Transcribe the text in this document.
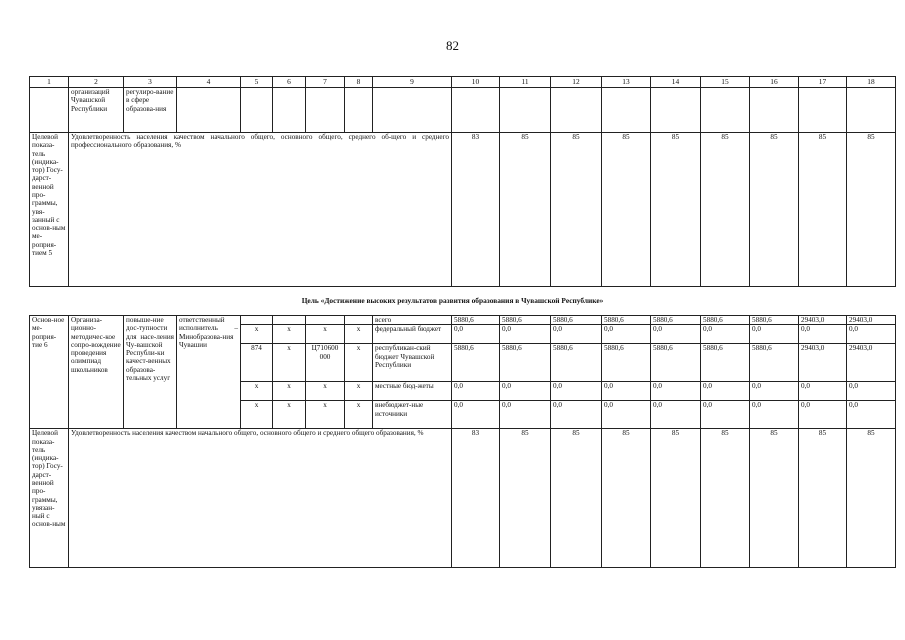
82
1	2	3	4	5	6	7	8	9	10	11	12	13	14	15	16	17	18
	организаций Чувашской Республики	регулиро-вание в сфере образова-ния															
Целевой показа-тель (индика-тор) Госу-дарст-венной про-граммы, увя-занный с основ-ным ме-роприя-тием 5	Удовлетворенность населения качеством начального общего, основного общего, среднего об-щего и среднего профессионального образования, %								83	85	85	85	85	85	85	85	85
Цель «Достижение высоких результатов развития образования в Чувашской Республике»
Основ-ное ме-роприя-тие 6	Организа-ционно-методичес-кое сопро-вождение проведения олимпиад школьников	повыше-ние дос-тупности для насе-ления Чу-вашской Республи-ки качест-венных образова-тельных услуг	ответственный исполнитель – Минобразова-ния Чувашии					всего	5880,6	5880,6	5880,6	5880,6	5880,6	5880,6	5880,6	29403,0	29403,0
				x	x	x	x	федеральный бюджет	0,0	0,0	0,0	0,0	0,0	0,0	0,0	0,0	0,0
				874	x	Ц710600 000	x	республикан-ский бюджет Чувашской Республики	5880,6	5880,6	5880,6	5880,6	5880,6	5880,6	5880,6	29403,0	29403,0
				x	x	x	x	местные бюд-жеты	0,0	0,0	0,0	0,0	0,0	0,0	0,0	0,0	0,0
				x	x	x	x	внебюджет-ные источники	0,0	0,0	0,0	0,0	0,0	0,0	0,0	0,0	0,0
Целевой показа-тель (индика-тор) Госу-дарст-венной про-граммы, увязан-ный с основ-ным	Удовлетворенность населения качеством начального общего, основного общего и среднего общего образования, %								83	85	85	85	85	85	85	85	85
